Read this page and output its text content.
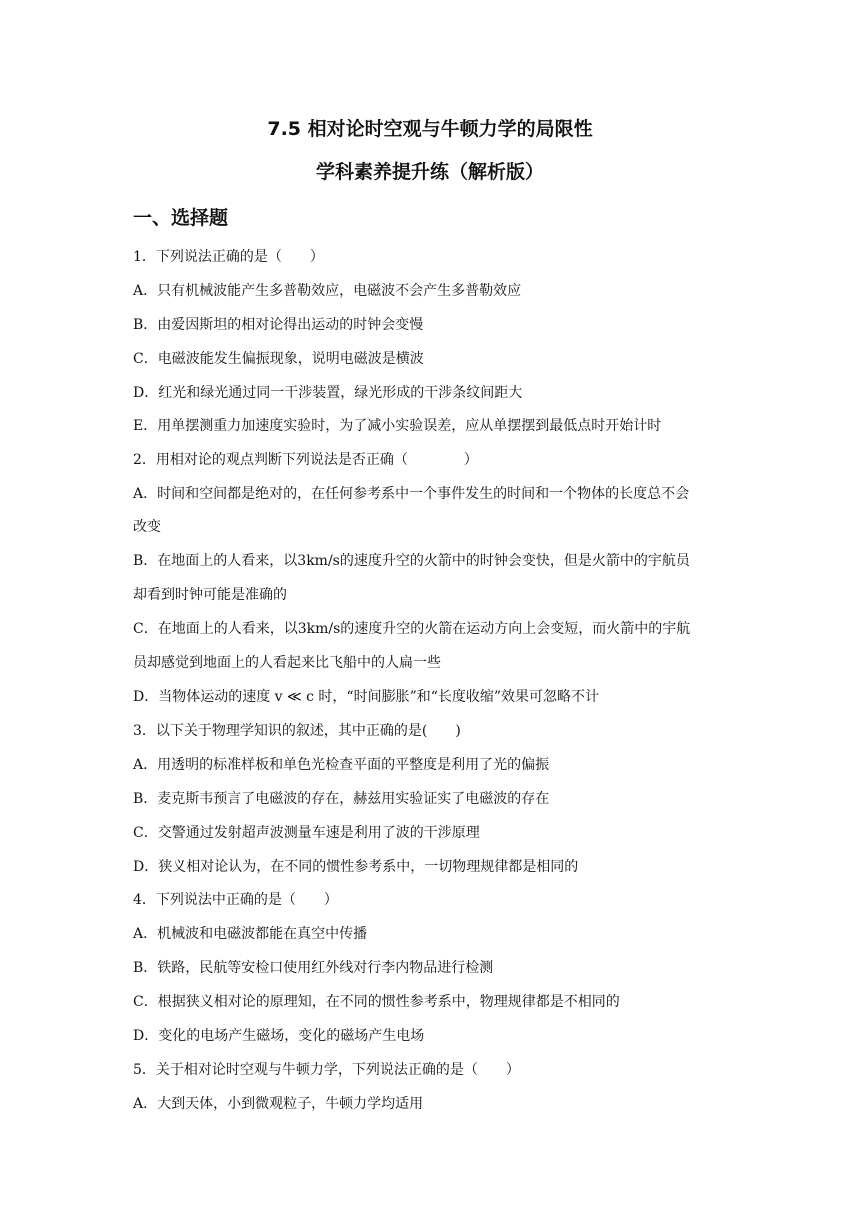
7.5 相对论时空观与牛顿力学的局限性
学科素养提升练（解析版）
一、选择题
1．下列说法正确的是（　　）
A．只有机械波能产生多普勒效应，电磁波不会产生多普勒效应
B．由爱因斯坦的相对论得出运动的时钟会变慢
C．电磁波能发生偏振现象，说明电磁波是横波
D．红光和绿光通过同一干涉装置，绿光形成的干涉条纹间距大
E．用单摆测重力加速度实验时，为了减小实验误差，应从单摆摆到最低点时开始计时
2．用相对论的观点判断下列说法是否正确（　　　　）
A．时间和空间都是绝对的，在任何参考系中一个事件发生的时间和一个物体的长度总不会
改变
B．在地面上的人看来，以3km/s的速度升空的火箭中的时钟会变快，但是火箭中的宇航员
却看到时钟可能是准确的
C．在地面上的人看来，以3km/s的速度升空的火箭在运动方向上会变短，而火箭中的宇航
员却感觉到地面上的人看起来比飞船中的人扁一些
D．当物体运动的速度 v ≪ c 时，“时间膨胀”和“长度收缩”效果可忽略不计
3．以下关于物理学知识的叙述，其中正确的是(　　)
A．用透明的标准样板和单色光检查平面的平整度是利用了光的偏振
B．麦克斯韦预言了电磁波的存在，赫兹用实验证实了电磁波的存在
C．交警通过发射超声波测量车速是利用了波的干涉原理
D．狭义相对论认为，在不同的惯性参考系中，一切物理规律都是相同的
4．下列说法中正确的是（　　）
A．机械波和电磁波都能在真空中传播
B．铁路，民航等安检口使用红外线对行李内物品进行检测
C．根据狭义相对论的原理知，在不同的惯性参考系中，物理规律都是不相同的
D．变化的电场产生磁场，变化的磁场产生电场
5．关于相对论时空观与牛顿力学，下列说法正确的是（　　）
A．大到天体，小到微观粒子，牛顿力学均适用
